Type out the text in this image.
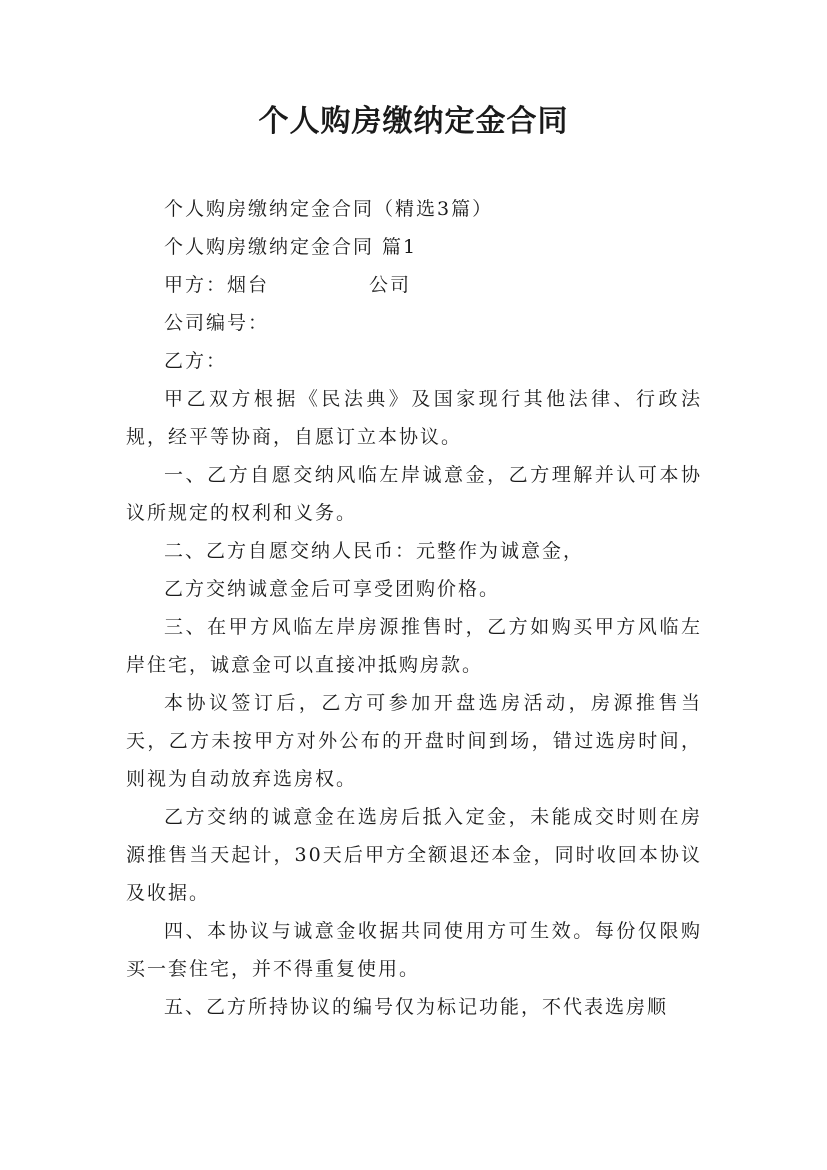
个人购房缴纳定金合同

个人购房缴纳定金合同（精选3篇）

个人购房缴纳定金合同 篇1

甲方：烟台	公司

公司编号：

乙方：

甲乙双方根据《民法典》及国家现行其他法律、行政法规，经平等协商，自愿订立本协议。

一、乙方自愿交纳风临左岸诚意金，乙方理解并认可本协议所规定的权利和义务。

二、乙方自愿交纳人民币：元整作为诚意金，

乙方交纳诚意金后可享受团购价格。

三、在甲方风临左岸房源推售时，乙方如购买甲方风临左岸住宅，诚意金可以直接冲抵购房款。

本协议签订后，乙方可参加开盘选房活动，房源推售当天，乙方未按甲方对外公布的开盘时间到场，错过选房时间，则视为自动放弃选房权。

乙方交纳的诚意金在选房后抵入定金，未能成交时则在房源推售当天起计，30天后甲方全额退还本金，同时收回本协议及收据。

四、本协议与诚意金收据共同使用方可生效。每份仅限购买一套住宅，并不得重复使用。

五、乙方所持协议的编号仅为标记功能，不代表选房顺
